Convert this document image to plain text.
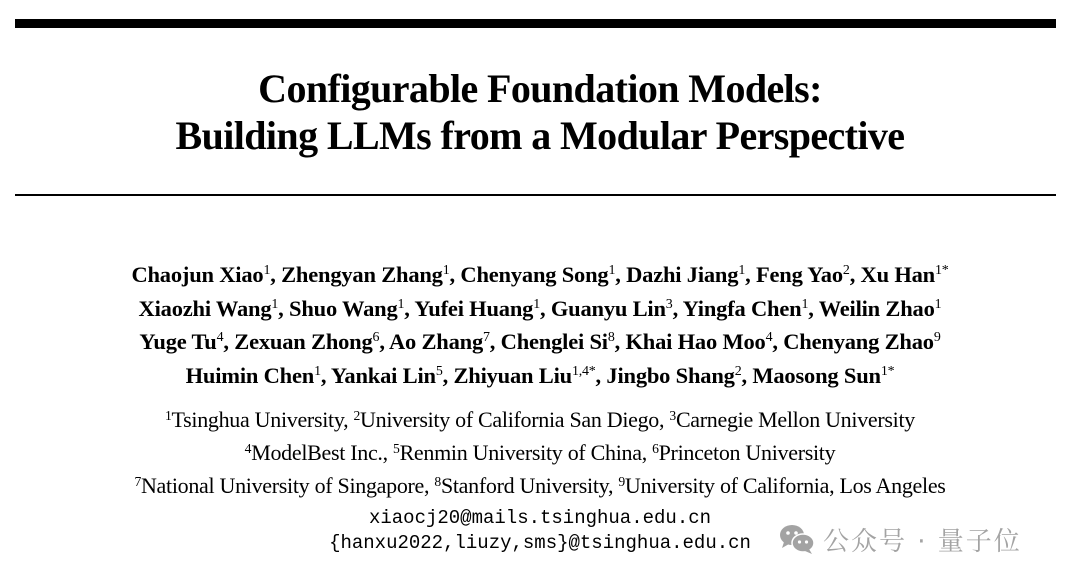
Configurable Foundation Models:
Building LLMs from a Modular Perspective
Chaojun Xiao$^1$, Zhengyan Zhang$^1$, Chenyang Song$^1$, Dazhi Jiang$^1$, Feng Yao$^2$, Xu Han$^{1*}$
Xiaozhi Wang$^1$, Shuo Wang$^1$, Yufei Huang$^1$, Guanyu Lin$^3$, Yingfa Chen$^1$, Weilin Zhao$^1$
Yuge Tu$^4$, Zexuan Zhong$^6$, Ao Zhang$^7$, Chenglei Si$^8$, Khai Hao Moo$^4$, Chenyang Zhao$^9$
Huimin Chen$^1$, Yankai Lin$^5$, Zhiyuan Liu$^{1,4*}$, Jingbo Shang$^2$, Maosong Sun$^{1*}$
$^1$Tsinghua University, $^2$University of California San Diego, $^3$Carnegie Mellon University
$^4$ModelBest Inc., $^5$Renmin University of China, $^6$Princeton University
$^7$National University of Singapore, $^8$Stanford University, $^9$University of California, Los Angeles
xiaocj20@mails.tsinghua.edu.cn
{hanxu2022,liuzy,sms}@tsinghua.edu.cn	公众号 · 量子位
